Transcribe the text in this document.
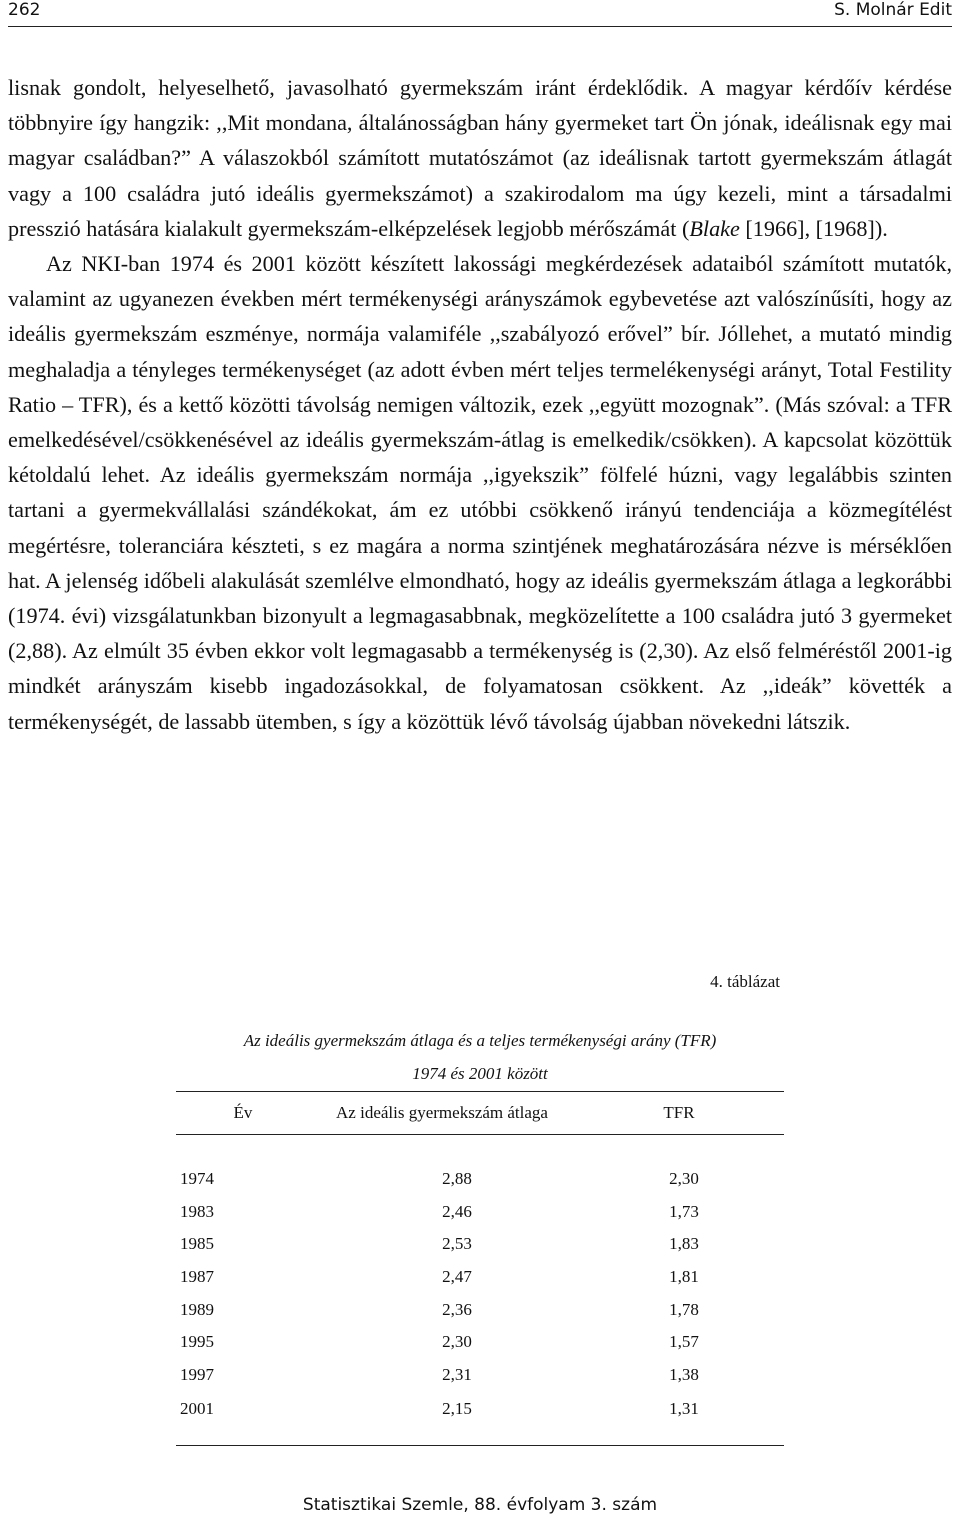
262	S. Molnár Edit

lisnak gondolt, helyeselhető, javasolható gyermekszám iránt érdeklődik. A magyar kérdőív kérdése többnyire így hangzik: ,,Mit mondana, általánosságban hány gyermeket tart Ön jónak, ideálisnak egy mai magyar családban?” A válaszokból számított mutatószámot (az ideálisnak tartott gyermekszám átlagát vagy a 100 családra jutó ideális gyermekszámot) a szakirodalom ma úgy kezeli, mint a társadalmi presszió hatására kialakult gyermekszám-elképzelések legjobb mérőszámát (Blake [1966], [1968]).

Az NKI-ban 1974 és 2001 között készített lakossági megkérdezések adataiból számított mutatók, valamint az ugyanezen években mért termékenységi arányszámok egybevetése azt valószínűsíti, hogy az ideális gyermekszám eszménye, normája valamiféle ,,szabályozó erővel” bír. Jóllehet, a mutató mindig meghaladja a tényleges termékenységet (az adott évben mért teljes termelékenységi arányt, Total Festility Ratio – TFR), és a kettő közötti távolság nemigen változik, ezek ,,együtt mozognak”. (Más szóval: a TFR emelkedésével/csökkenésével az ideális gyermekszám-átlag is emelkedik/csökken). A kapcsolat közöttük kétoldalú lehet. Az ideális gyermekszám normája ,,igyekszik” fölfelé húzni, vagy legalábbis szinten tartani a gyermekvállalási szándékokat, ám ez utóbbi csökkenő irányú tendenciája a közmegítélést megértésre, toleranciára készteti, s ez magára a norma szintjének meghatározására nézve is mérséklően hat. A jelenség időbeli alakulását szemlélve elmondható, hogy az ideális gyermekszám átlaga a legkorábbi (1974. évi) vizsgálatunkban bizonyult a legmagasabbnak, megközelítette a 100 családra jutó 3 gyermeket (2,88). Az elmúlt 35 évben ekkor volt legmagasabb a termékenység is (2,30). Az első felméréstől 2001-ig mindkét arányszám kisebb ingadozásokkal, de folyamatosan csökkent. Az ,,ideák” követték a termékenységét, de lassabb ütemben, s így a közöttük lévő távolság újabban növekedni látszik.

4. táblázat
Az ideális gyermekszám átlaga és a teljes termékenységi arány (TFR)
1974 és 2001 között
Év	Az ideális gyermekszám átlaga	TFR

1974	2,88	2,30
1983	2,46	1,73
1985	2,53	1,83
1987	2,47	1,81
1989	2,36	1,78
1995	2,30	1,57
1997	2,31	1,38
2001	2,15	1,31
Statisztikai Szemle, 88. évfolyam 3. szám
